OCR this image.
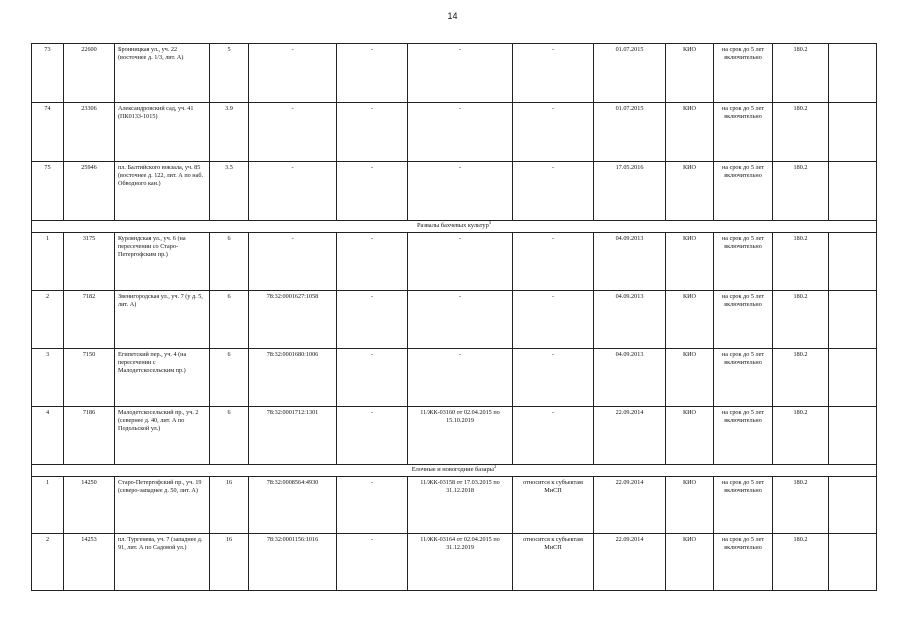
14
73	22600	Бронницкая ул., уч. 22 (восточнее д. 1/3, лит. А)	5	-	-	-	-	01.07.2015	КИО	на срок до 5 лет включительно	180.2	
74	23306	Александровский сад, уч. 41 (ПК0133-1015)	3.9	-	-	-	-	01.07.2015	КИО	на срок до 5 лет включительно	180.2	
75	25946	пл. Балтийского вокзала, уч. 85 (восточнее д. 122, лит. А по наб. Обводного кан.)	3.5	-	-	-	-	17.05.2016	КИО	на срок до 5 лет включительно	180.2	
Развалы бахчевых культур$^3$
1	3175	Курляндская ул., уч. 6 (на пересечении со Старо-Петергофским пр.)	6	-	-	-	-	04.09.2013	КИО	на срок до 5 лет включительно	180.2	
2	7182	Звенигородская ул., уч. 7 (у д. 5, лит. А)	6	78:32:0001627:1058	-	-	-	04.09.2013	КИО	на срок до 5 лет включительно	180.2	
3	7150	Египетский пер., уч. 4 (на пересечении с Малодетскосельским пр.)	6	78:32:0001680:1006	-	-	-	04.09.2013	КИО	на срок до 5 лет включительно	180.2	
4	7186	Малодетскосельский пр., уч. 2 (севернее д. 40, лит. А по Подольской ул.)	6	78:32:0001712:1301	-	11/ЖК-03160 от 02.04.2015 по 15.10.2019	-	22.09.2014	КИО	на срок до 5 лет включительно	180.2	
Елочные и новогодние базары$^2$
1	14250	Старо-Петергофский пр., уч. 19 (северо-западнее д. 50, лит. А)	16	78:32:0008564:4930	-	11/ЖК-03158 от 17.03.2015 по 31.12.2018	относится к субъектам МиСП	22.09.2014	КИО	на срок до 5 лет включительно	180.2	
2	14253	пл. Тургенева, уч. 7 (западнее д. 91, лит. А по Садовой ул.)	16	78:32:0001156:1016	-	11/ЖК-03164 от 02.04.2015 по 31.12.2019	относится к субъектам МиСП	22.09.2014	КИО	на срок до 5 лет включительно	180.2	
